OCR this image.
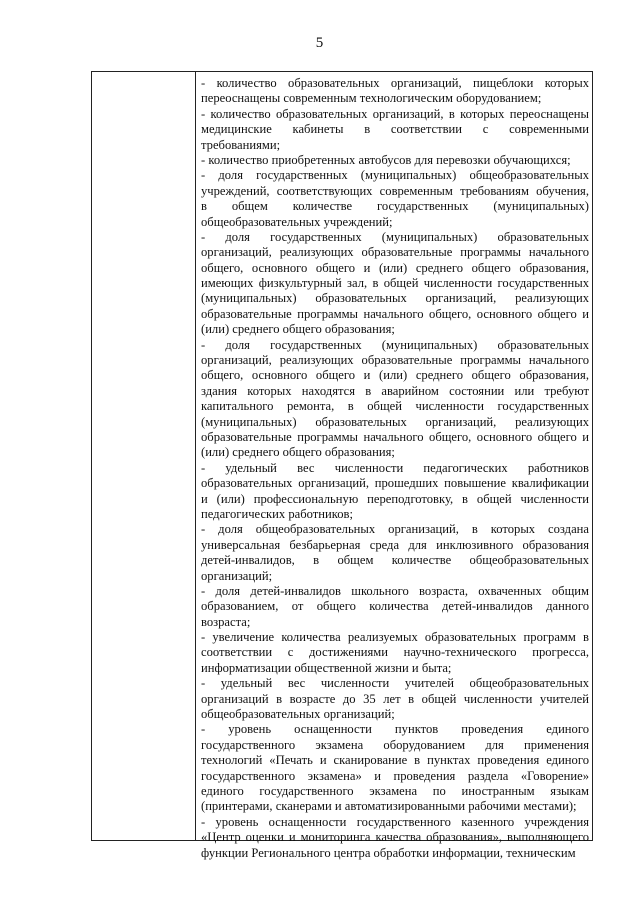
5
- количество образовательных организаций, пищеблоки которых
переоснащены современным технологическим оборудованием;
- количество образовательных организаций, в которых переоснащены
медицинские кабинеты в соответствии с современными
требованиями;
- количество приобретенных автобусов для перевозки обучающихся;
- доля государственных (муниципальных) общеобразовательных
учреждений, соответствующих современным требованиям обучения,
в общем количестве государственных (муниципальных)
общеобразовательных учреждений;
- доля государственных (муниципальных) образовательных
организаций, реализующих образовательные программы начального
общего, основного общего и (или) среднего общего образования,
имеющих физкультурный зал, в общей численности государственных
(муниципальных) образовательных организаций, реализующих
образовательные программы начального общего, основного общего и
(или) среднего общего образования;
- доля государственных (муниципальных) образовательных
организаций, реализующих образовательные программы начального
общего, основного общего и (или) среднего общего образования,
здания которых находятся в аварийном состоянии или требуют
капитального ремонта, в общей численности государственных
(муниципальных) образовательных организаций, реализующих
образовательные программы начального общего, основного общего и
(или) среднего общего образования;
- удельный вес численности педагогических работников
образовательных организаций, прошедших повышение квалификации
и (или) профессиональную переподготовку, в общей численности
педагогических работников;
- доля общеобразовательных организаций, в которых создана
универсальная безбарьерная среда для инклюзивного образования
детей-инвалидов, в общем количестве общеобразовательных
организаций;
- доля детей-инвалидов школьного возраста, охваченных общим
образованием, от общего количества детей-инвалидов данного
возраста;
- увеличение количества реализуемых образовательных программ в
соответствии с достижениями научно-технического прогресса,
информатизации общественной жизни и быта;
- удельный вес численности учителей общеобразовательных
организаций в возрасте до 35 лет в общей численности учителей
общеобразовательных организаций;
- уровень оснащенности пунктов проведения единого
государственного экзамена оборудованием для применения
технологий «Печать и сканирование в пунктах проведения единого
государственного экзамена» и проведения раздела «Говорение»
единого государственного экзамена по иностранным языкам
(принтерами, сканерами и автоматизированными рабочими местами);
- уровень оснащенности государственного казенного учреждения
«Центр оценки и мониторинга качества образования», выполняющего
функции Регионального центра обработки информации, техническим
